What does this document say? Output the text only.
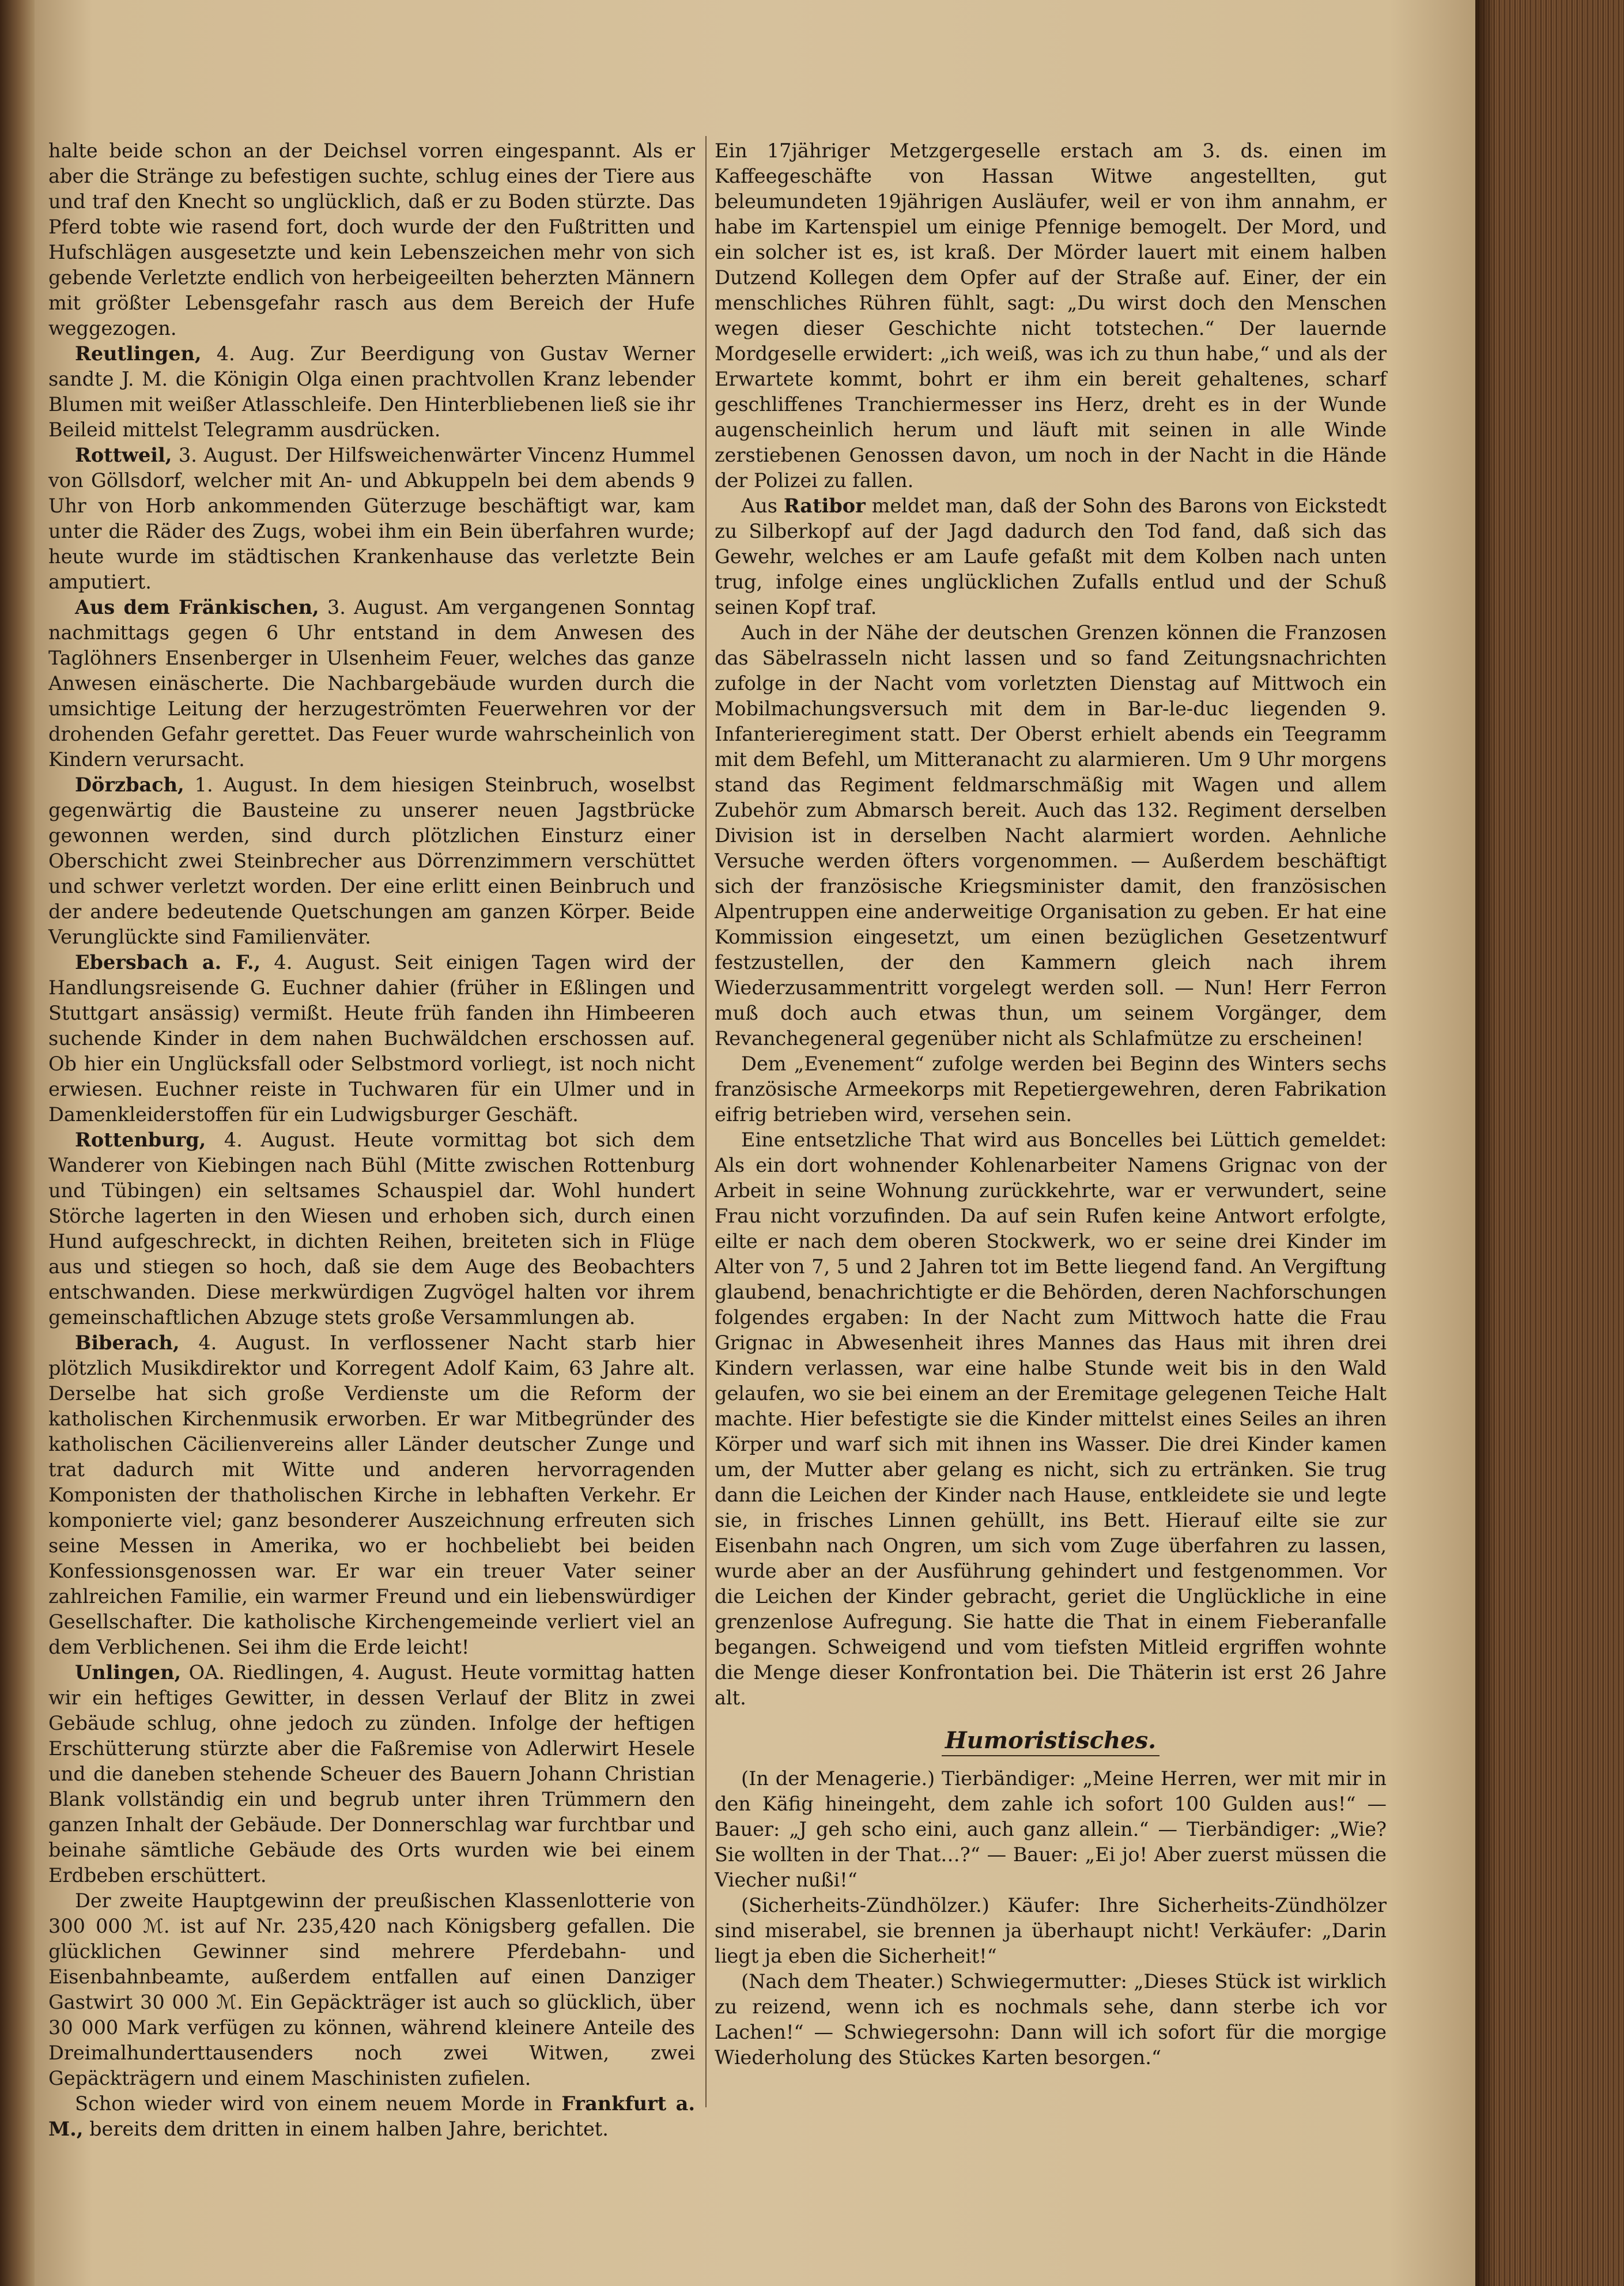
halte beide schon an der Deichsel vorren eingespannt. Als er aber die Stränge zu befestigen suchte, schlug eines der Tiere aus und traf den Knecht so unglücklich, daß er zu Boden stürzte. Das Pferd tobte wie rasend fort, doch wurde der den Fußtritten und Hufschlägen ausgesetzte und kein Lebenszeichen mehr von sich gebende Verletzte endlich von herbeigeeilten beherzten Männern mit größter Lebensgefahr rasch aus dem Bereich der Hufe weggezogen.

Reutlingen, 4. Aug. Zur Beerdigung von Gustav Werner sandte J. M. die Königin Olga einen prachtvollen Kranz lebender Blumen mit weißer Atlasschleife. Den Hinterbliebenen ließ sie ihr Beileid mittelst Telegramm ausdrücken.

Rottweil, 3. August. Der Hilfsweichenwärter Vincenz Hummel von Göllsdorf, welcher mit An- und Abkuppeln bei dem abends 9 Uhr von Horb ankommenden Güterzuge beschäftigt war, kam unter die Räder des Zugs, wobei ihm ein Bein überfahren wurde; heute wurde im städtischen Krankenhause das verletzte Bein amputiert.

Aus dem Fränkischen, 3. August. Am vergangenen Sonntag nachmittags gegen 6 Uhr entstand in dem Anwesen des Taglöhners Ensenberger in Ulsenheim Feuer, welches das ganze Anwesen einäscherte. Die Nachbargebäude wurden durch die umsichtige Leitung der herzugeströmten Feuerwehren vor der drohenden Gefahr gerettet. Das Feuer wurde wahrscheinlich von Kindern verursacht.

Dörzbach, 1. August. In dem hiesigen Steinbruch, woselbst gegenwärtig die Bausteine zu unserer neuen Jagstbrücke gewonnen werden, sind durch plötzlichen Einsturz einer Oberschicht zwei Steinbrecher aus Dörrenzimmern verschüttet und schwer verletzt worden. Der eine erlitt einen Beinbruch und der andere bedeutende Quetschungen am ganzen Körper. Beide Verunglückte sind Familienväter.

Ebersbach a. F., 4. August. Seit einigen Tagen wird der Handlungsreisende G. Euchner dahier (früher in Eßlingen und Stuttgart ansässig) vermißt. Heute früh fanden ihn Himbeeren suchende Kinder in dem nahen Buchwäldchen erschossen auf. Ob hier ein Unglücksfall oder Selbstmord vorliegt, ist noch nicht erwiesen. Euchner reiste in Tuchwaren für ein Ulmer und in Damenkleiderstoffen für ein Ludwigsburger Geschäft.

Rottenburg, 4. August. Heute vormittag bot sich dem Wanderer von Kiebingen nach Bühl (Mitte zwischen Rottenburg und Tübingen) ein seltsames Schauspiel dar. Wohl hundert Störche lagerten in den Wiesen und erhoben sich, durch einen Hund aufgeschreckt, in dichten Reihen, breiteten sich in Flüge aus und stiegen so hoch, daß sie dem Auge des Beobachters entschwanden. Diese merkwürdigen Zugvögel halten vor ihrem gemeinschaftlichen Abzuge stets große Versammlungen ab.

Biberach, 4. August. In verflossener Nacht starb hier plötzlich Musikdirektor und Korregent Adolf Kaim, 63 Jahre alt. Derselbe hat sich große Verdienste um die Reform der katholischen Kirchenmusik erworben. Er war Mitbegründer des katholischen Cäcilienvereins aller Länder deutscher Zunge und trat dadurch mit Witte und anderen hervorragenden Komponisten der thatholischen Kirche in lebhaften Verkehr. Er komponierte viel; ganz besonderer Auszeichnung erfreuten sich seine Messen in Amerika, wo er hochbeliebt bei beiden Konfessionsgenossen war. Er war ein treuer Vater seiner zahlreichen Familie, ein warmer Freund und ein liebenswürdiger Gesellschafter. Die katholische Kirchengemeinde verliert viel an dem Verblichenen. Sei ihm die Erde leicht!

Unlingen, OA. Riedlingen, 4. August. Heute vormittag hatten wir ein heftiges Gewitter, in dessen Verlauf der Blitz in zwei Gebäude schlug, ohne jedoch zu zünden. Infolge der heftigen Erschütterung stürzte aber die Faßremise von Adlerwirt Hesele und die daneben stehende Scheuer des Bauern Johann Christian Blank vollständig ein und begrub unter ihren Trümmern den ganzen Inhalt der Gebäude. Der Donnerschlag war furchtbar und beinahe sämtliche Gebäude des Orts wurden wie bei einem Erdbeben erschüttert.

Der zweite Hauptgewinn der preußischen Klassenlotterie von 300 000 ℳ. ist auf Nr. 235,420 nach Königsberg gefallen. Die glücklichen Gewinner sind mehrere Pferdebahn- und Eisenbahnbeamte, außerdem entfallen auf einen Danziger Gastwirt 30 000 ℳ. Ein Gepäckträger ist auch so glücklich, über 30 000 Mark verfügen zu können, während kleinere Anteile des Dreimalhunderttausenders noch zwei Witwen, zwei Gepäckträgern und einem Maschinisten zufielen.

Schon wieder wird von einem neuem Morde in Frankfurt a. M., bereits dem dritten in einem halben Jahre, berichtet.

Ein 17jähriger Metzgergeselle erstach am 3. ds. einen im Kaffeegeschäfte von Hassan Witwe angestellten, gut beleumundeten 19jährigen Ausläufer, weil er von ihm annahm, er habe im Kartenspiel um einige Pfennige bemogelt. Der Mord, und ein solcher ist es, ist kraß. Der Mörder lauert mit einem halben Dutzend Kollegen dem Opfer auf der Straße auf. Einer, der ein menschliches Rühren fühlt, sagt: „Du wirst doch den Menschen wegen dieser Geschichte nicht totstechen.“ Der lauernde Mordgeselle erwidert: „ich weiß, was ich zu thun habe,“ und als der Erwartete kommt, bohrt er ihm ein bereit gehaltenes, scharf geschliffenes Tranchiermesser ins Herz, dreht es in der Wunde augenscheinlich herum und läuft mit seinen in alle Winde zerstiebenen Genossen davon, um noch in der Nacht in die Hände der Polizei zu fallen.

Aus Ratibor meldet man, daß der Sohn des Barons von Eickstedt zu Silberkopf auf der Jagd dadurch den Tod fand, daß sich das Gewehr, welches er am Laufe gefaßt mit dem Kolben nach unten trug, infolge eines unglücklichen Zufalls entlud und der Schuß seinen Kopf traf.

Auch in der Nähe der deutschen Grenzen können die Franzosen das Säbelrasseln nicht lassen und so fand Zeitungsnachrichten zufolge in der Nacht vom vorletzten Dienstag auf Mittwoch ein Mobilmachungsversuch mit dem in Bar-le-duc liegenden 9. Infanterieregiment statt. Der Oberst erhielt abends ein Teegramm mit dem Befehl, um Mitteranacht zu alarmieren. Um 9 Uhr morgens stand das Regiment feldmarschmäßig mit Wagen und allem Zubehör zum Abmarsch bereit. Auch das 132. Regiment derselben Division ist in derselben Nacht alarmiert worden. Aehnliche Versuche werden öfters vorgenommen. — Außerdem beschäftigt sich der französische Kriegsminister damit, den französischen Alpentruppen eine anderweitige Organisation zu geben. Er hat eine Kommission eingesetzt, um einen bezüglichen Gesetzentwurf festzustellen, der den Kammern gleich nach ihrem Wiederzusammentritt vorgelegt werden soll. — Nun! Herr Ferron muß doch auch etwas thun, um seinem Vorgänger, dem Revanchegeneral gegenüber nicht als Schlafmütze zu erscheinen!

Dem „Evenement“ zufolge werden bei Beginn des Winters sechs französische Armeekorps mit Repetiergewehren, deren Fabrikation eifrig betrieben wird, versehen sein.

Eine entsetzliche That wird aus Boncelles bei Lüttich gemeldet: Als ein dort wohnender Kohlenarbeiter Namens Grignac von der Arbeit in seine Wohnung zurückkehrte, war er verwundert, seine Frau nicht vorzufinden. Da auf sein Rufen keine Antwort erfolgte, eilte er nach dem oberen Stockwerk, wo er seine drei Kinder im Alter von 7, 5 und 2 Jahren tot im Bette liegend fand. An Vergiftung glaubend, benachrichtigte er die Behörden, deren Nachforschungen folgendes ergaben: In der Nacht zum Mittwoch hatte die Frau Grignac in Abwesenheit ihres Mannes das Haus mit ihren drei Kindern verlassen, war eine halbe Stunde weit bis in den Wald gelaufen, wo sie bei einem an der Eremitage gelegenen Teiche Halt machte. Hier befestigte sie die Kinder mittelst eines Seiles an ihren Körper und warf sich mit ihnen ins Wasser. Die drei Kinder kamen um, der Mutter aber gelang es nicht, sich zu ertränken. Sie trug dann die Leichen der Kinder nach Hause, entkleidete sie und legte sie, in frisches Linnen gehüllt, ins Bett. Hierauf eilte sie zur Eisenbahn nach Ongren, um sich vom Zuge überfahren zu lassen, wurde aber an der Ausführung gehindert und festgenommen. Vor die Leichen der Kinder gebracht, geriet die Unglückliche in eine grenzenlose Aufregung. Sie hatte die That in einem Fieberanfalle begangen. Schweigend und vom tiefsten Mitleid ergriffen wohnte die Menge dieser Konfrontation bei. Die Thäterin ist erst 26 Jahre alt.

Humoristisches.

(In der Menagerie.) Tierbändiger: „Meine Herren, wer mit mir in den Käfig hineingeht, dem zahle ich sofort 100 Gulden aus!“ — Bauer: „J geh scho eini, auch ganz allein.“ — Tierbändiger: „Wie? Sie wollten in der That…?“ — Bauer: „Ei jo! Aber zuerst müssen die Viecher nußi!“

(Sicherheits-Zündhölzer.) Käufer: Ihre Sicherheits-Zündhölzer sind miserabel, sie brennen ja überhaupt nicht! Verkäufer: „Darin liegt ja eben die Sicherheit!“

(Nach dem Theater.) Schwiegermutter: „Dieses Stück ist wirklich zu reizend, wenn ich es nochmals sehe, dann sterbe ich vor Lachen!“ — Schwiegersohn: Dann will ich sofort für die morgige Wiederholung des Stückes Karten besorgen.“
